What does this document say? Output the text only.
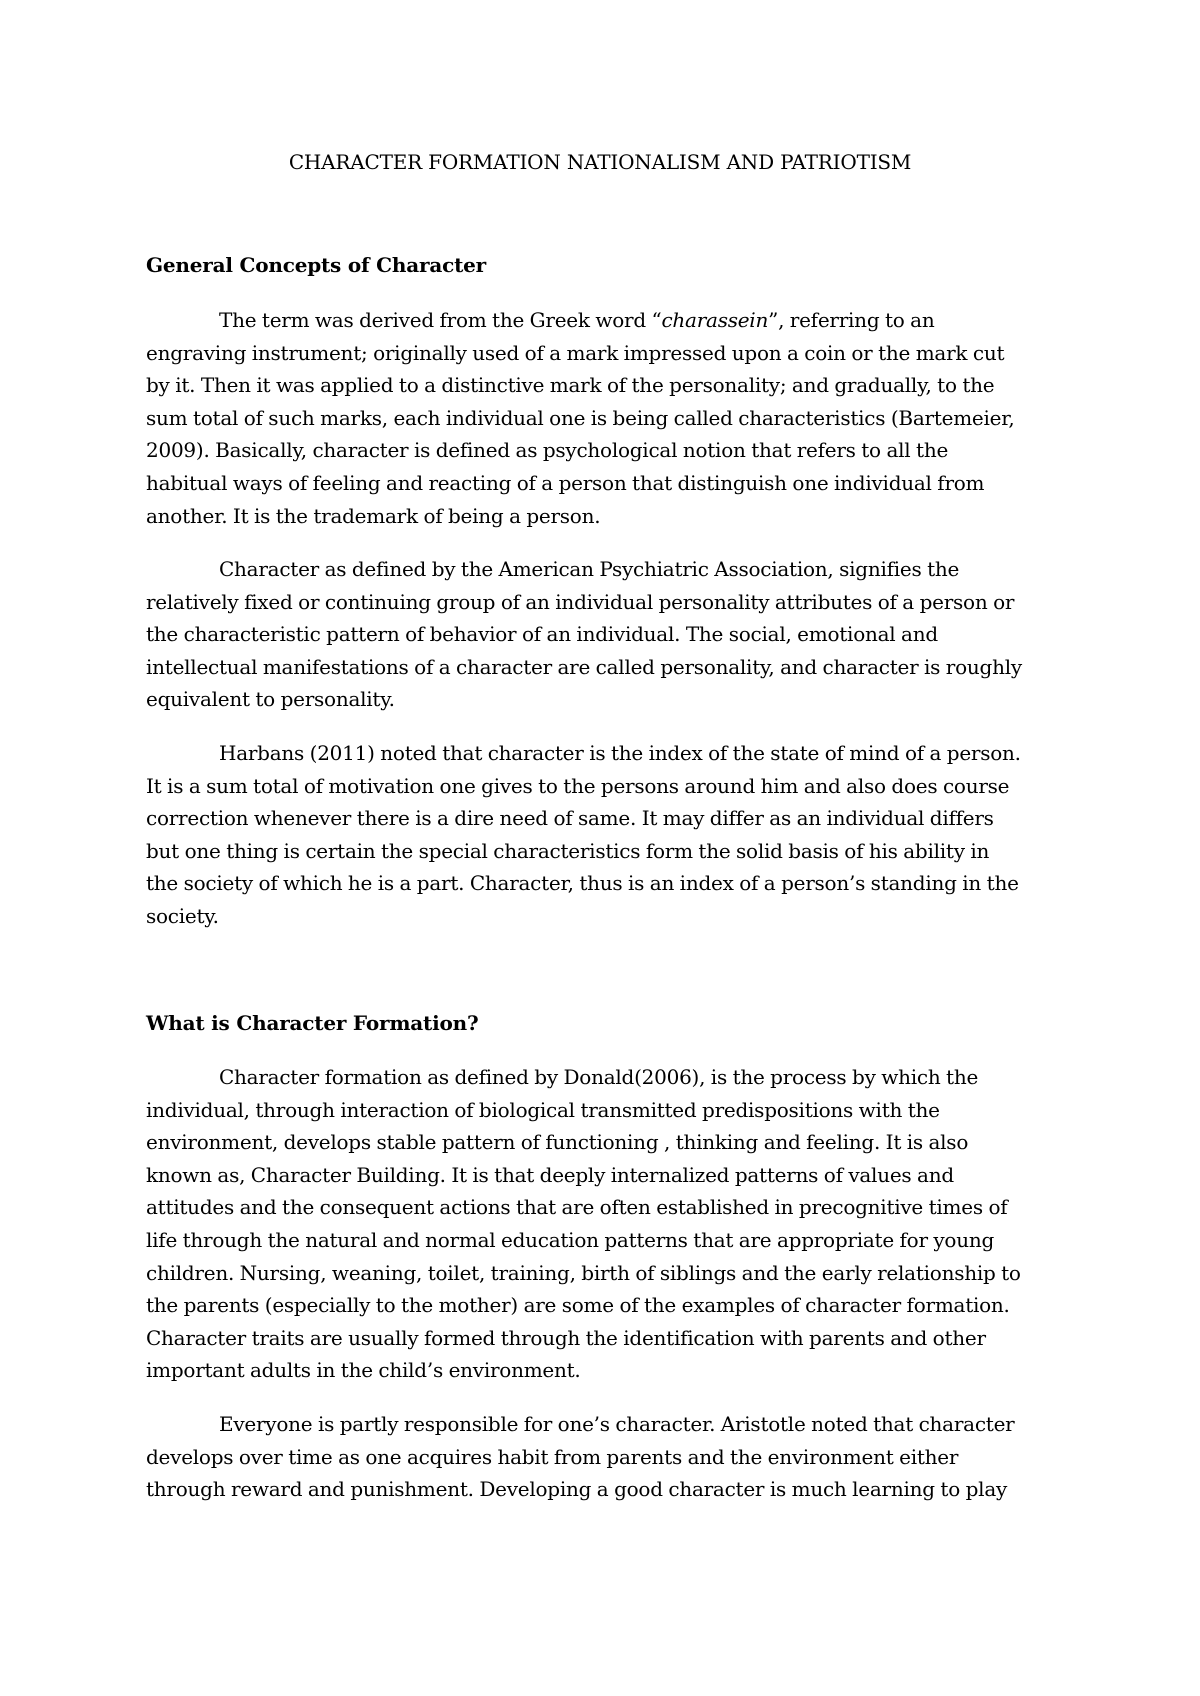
CHARACTER FORMATION NATIONALISM AND PATRIOTISM
General Concepts of Character
The term was derived from the Greek word “charassein”, referring to an
engraving instrument; originally used of a mark impressed upon a coin or the mark cut
by it. Then it was applied to a distinctive mark of the personality; and gradually, to the
sum total of such marks, each individual one is being called characteristics (Bartemeier,
2009). Basically, character is defined as psychological notion that refers to all the
habitual ways of feeling and reacting of a person that distinguish one individual from
another. It is the trademark of being a person.
Character as defined by the American Psychiatric Association, signifies the
relatively fixed or continuing group of an individual personality attributes of a person or
the characteristic pattern of behavior of an individual. The social, emotional and
intellectual manifestations of a character are called personality, and character is roughly
equivalent to personality.
Harbans (2011) noted that character is the index of the state of mind of a person.
It is a sum total of motivation one gives to the persons around him and also does course
correction whenever there is a dire need of same. It may differ as an individual differs
but one thing is certain the special characteristics form the solid basis of his ability in
the society of which he is a part. Character, thus is an index of a person’s standing in the
society.
What is Character Formation?
Character formation as defined by Donald(2006), is the process by which the
individual, through interaction of biological transmitted predispositions with the
environment, develops stable pattern of functioning , thinking and feeling. It is also
known as, Character Building. It is that deeply internalized patterns of values and
attitudes and the consequent actions that are often established in precognitive times of
life through the natural and normal education patterns that are appropriate for young
children. Nursing, weaning, toilet, training, birth of siblings and the early relationship to
the parents (especially to the mother) are some of the examples of character formation.
Character traits are usually formed through the identification with parents and other
important adults in the child’s environment.
Everyone is partly responsible for one’s character. Aristotle noted that character
develops over time as one acquires habit from parents and the environment either
through reward and punishment. Developing a good character is much learning to play
